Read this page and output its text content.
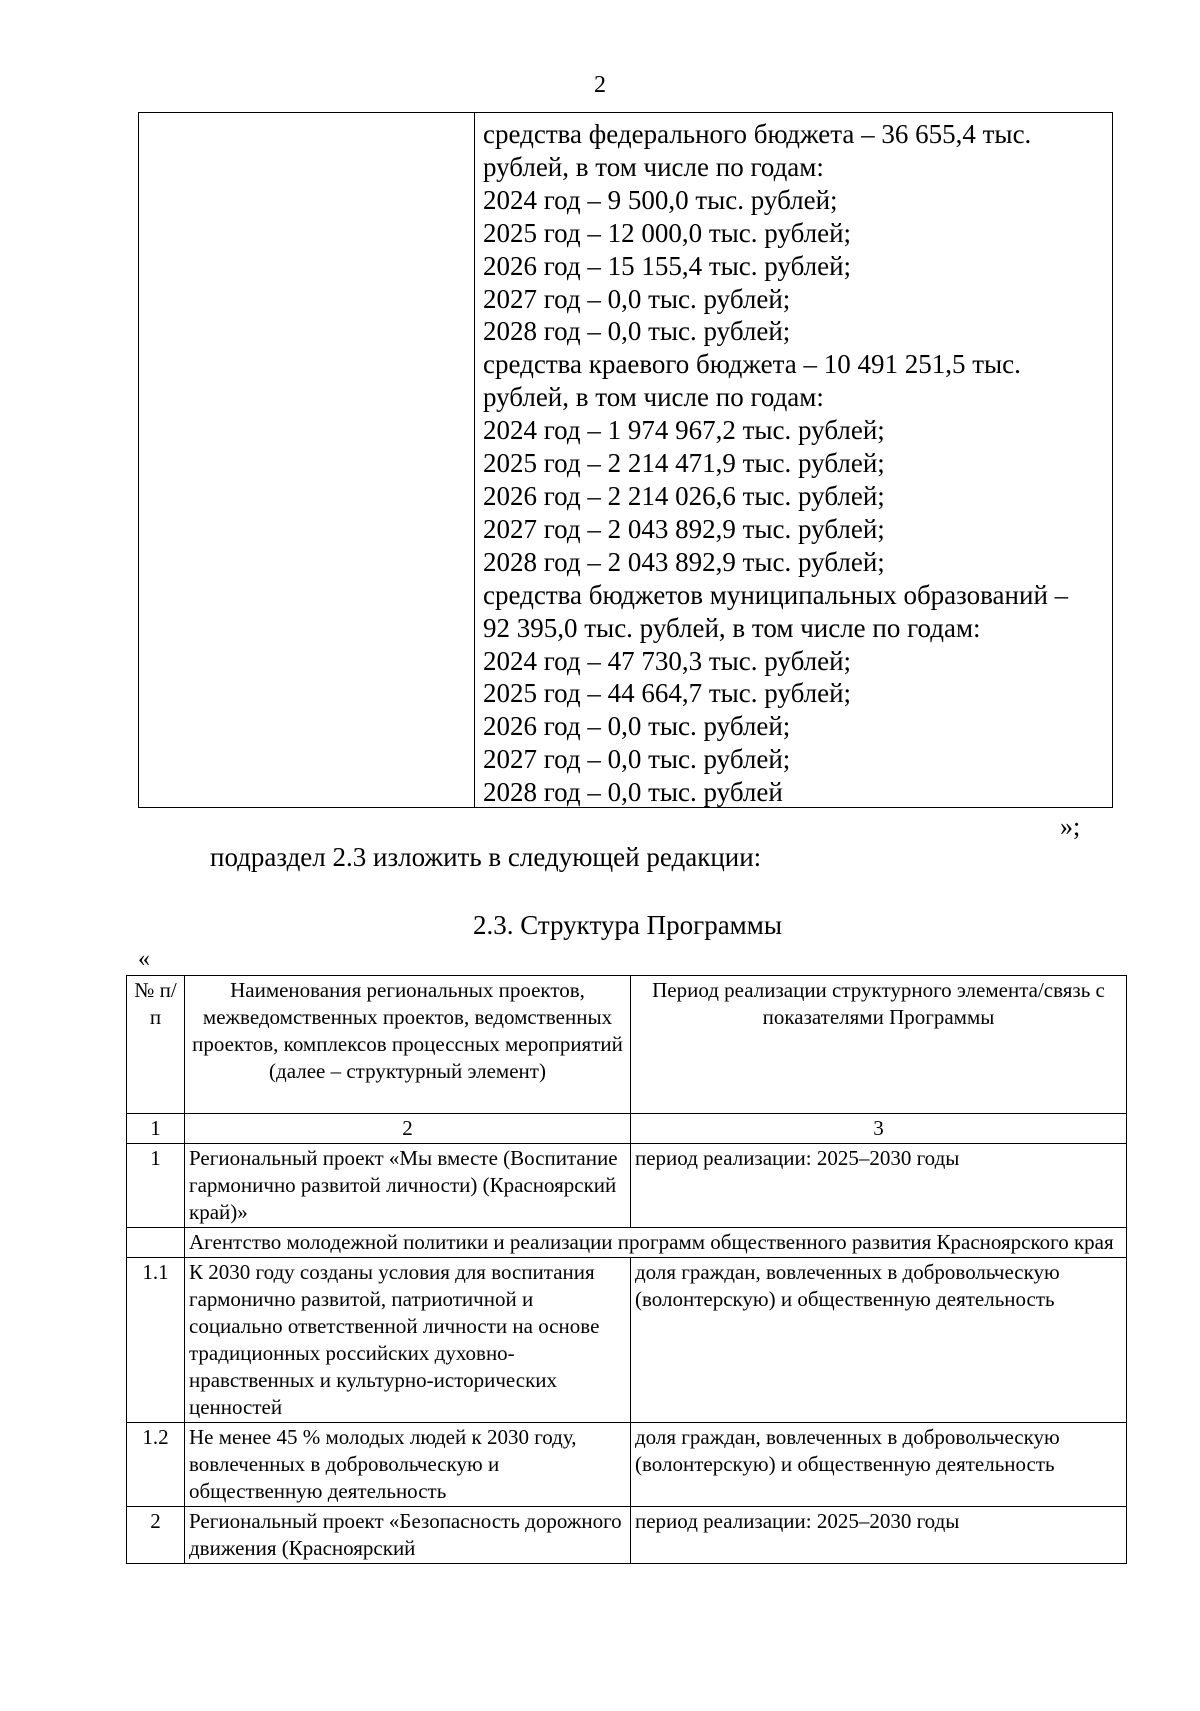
2
средства федерального бюджета – 36 655,4 тыс.
рублей, в том числе по годам:
2024 год – 9 500,0 тыс. рублей;
2025 год – 12 000,0 тыс. рублей;
2026 год – 15 155,4 тыс. рублей;
2027 год – 0,0 тыс. рублей;
2028 год – 0,0 тыс. рублей;
средства краевого бюджета – 10 491 251,5 тыс.
рублей, в том числе по годам:
2024 год – 1 974 967,2 тыс. рублей;
2025 год – 2 214 471,9 тыс. рублей;
2026 год – 2 214 026,6 тыс. рублей;
2027 год – 2 043 892,9 тыс. рублей;
2028 год – 2 043 892,9 тыс. рублей;
средства бюджетов муниципальных образований –
92 395,0 тыс. рублей, в том числе по годам:
2024 год – 47 730,3 тыс. рублей;
2025 год – 44 664,7 тыс. рублей;
2026 год – 0,0 тыс. рублей;
2027 год – 0,0 тыс. рублей;
2028 год – 0,0 тыс. рублей
»;
подраздел 2.3 изложить в следующей редакции:
2.3. Структура Программы
«
№ п/п	Наименования региональных проектов, межведомственных проектов, ведомственных проектов, комплексов процессных мероприятий (далее – структурный элемент)	Период реализации структурного элемента/связь с показателями Программы
1	2	3
1	Региональный проект «Мы вместе (Воспитание гармонично развитой личности) (Красноярский край)»	период реализации: 2025–2030 годы
	Агентство молодежной политики и реализации программ общественного развития Красноярского края	
1.1	К 2030 году созданы условия для воспитания гармонично развитой, патриотичной и социально ответственной личности на основе традиционных российских духовно-нравственных и культурно-исторических ценностей	доля граждан, вовлеченных в добровольческую (волонтерскую) и общественную деятельность
1.2	Не менее 45 % молодых людей к 2030 году, вовлеченных в добровольческую и общественную деятельность	доля граждан, вовлеченных в добровольческую (волонтерскую) и общественную деятельность
2	Региональный проект «Безопасность дорожного движения (Красноярский	период реализации: 2025–2030 годы
